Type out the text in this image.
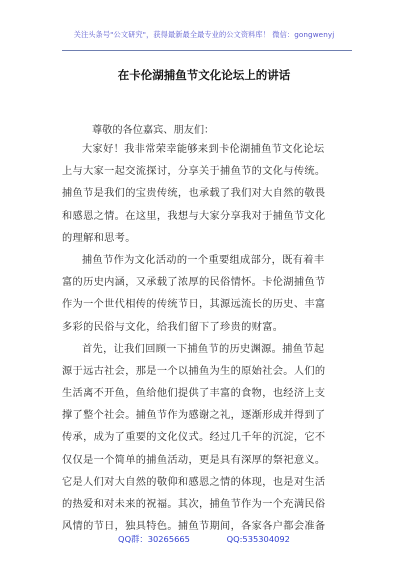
关注头条号"公文研究"，获得最新最全最专业的公文资料库！ 微信：gongwenyj
在卡伦湖捕鱼节文化论坛上的讲话
尊敬的各位嘉宾、朋友们：
大家好！我非常荣幸能够来到卡伦湖捕鱼节文化论坛
上与大家一起交流探讨，分享关于捕鱼节的文化与传统。
捕鱼节是我们的宝贵传统，也承载了我们对大自然的敬畏
和感恩之情。在这里，我想与大家分享我对于捕鱼节文化
的理解和思考。
捕鱼节作为文化活动的一个重要组成部分，既有着丰
富的历史内涵，又承载了浓厚的民俗情怀。卡伦湖捕鱼节
作为一个世代相传的传统节日，其源远流长的历史、丰富
多彩的民俗与文化，给我们留下了珍贵的财富。
首先，让我们回顾一下捕鱼节的历史渊源。捕鱼节起
源于远古社会，那是一个以捕鱼为生的原始社会。人们的
生活离不开鱼，鱼给他们提供了丰富的食物，也经济上支
撑了整个社会。捕鱼节作为感谢之礼，逐渐形成并得到了
传承，成为了重要的文化仪式。经过几千年的沉淀，它不
仅仅是一个简单的捕鱼活动，更是具有深厚的祭祀意义。
它是人们对大自然的敬仰和感恩之情的体现，也是对生活
的热爱和对未来的祝福。其次，捕鱼节作为一个充满民俗
风情的节日，独具特色。捕鱼节期间，各家各户都会准备
QQ群：30265665	QQ:535304092
